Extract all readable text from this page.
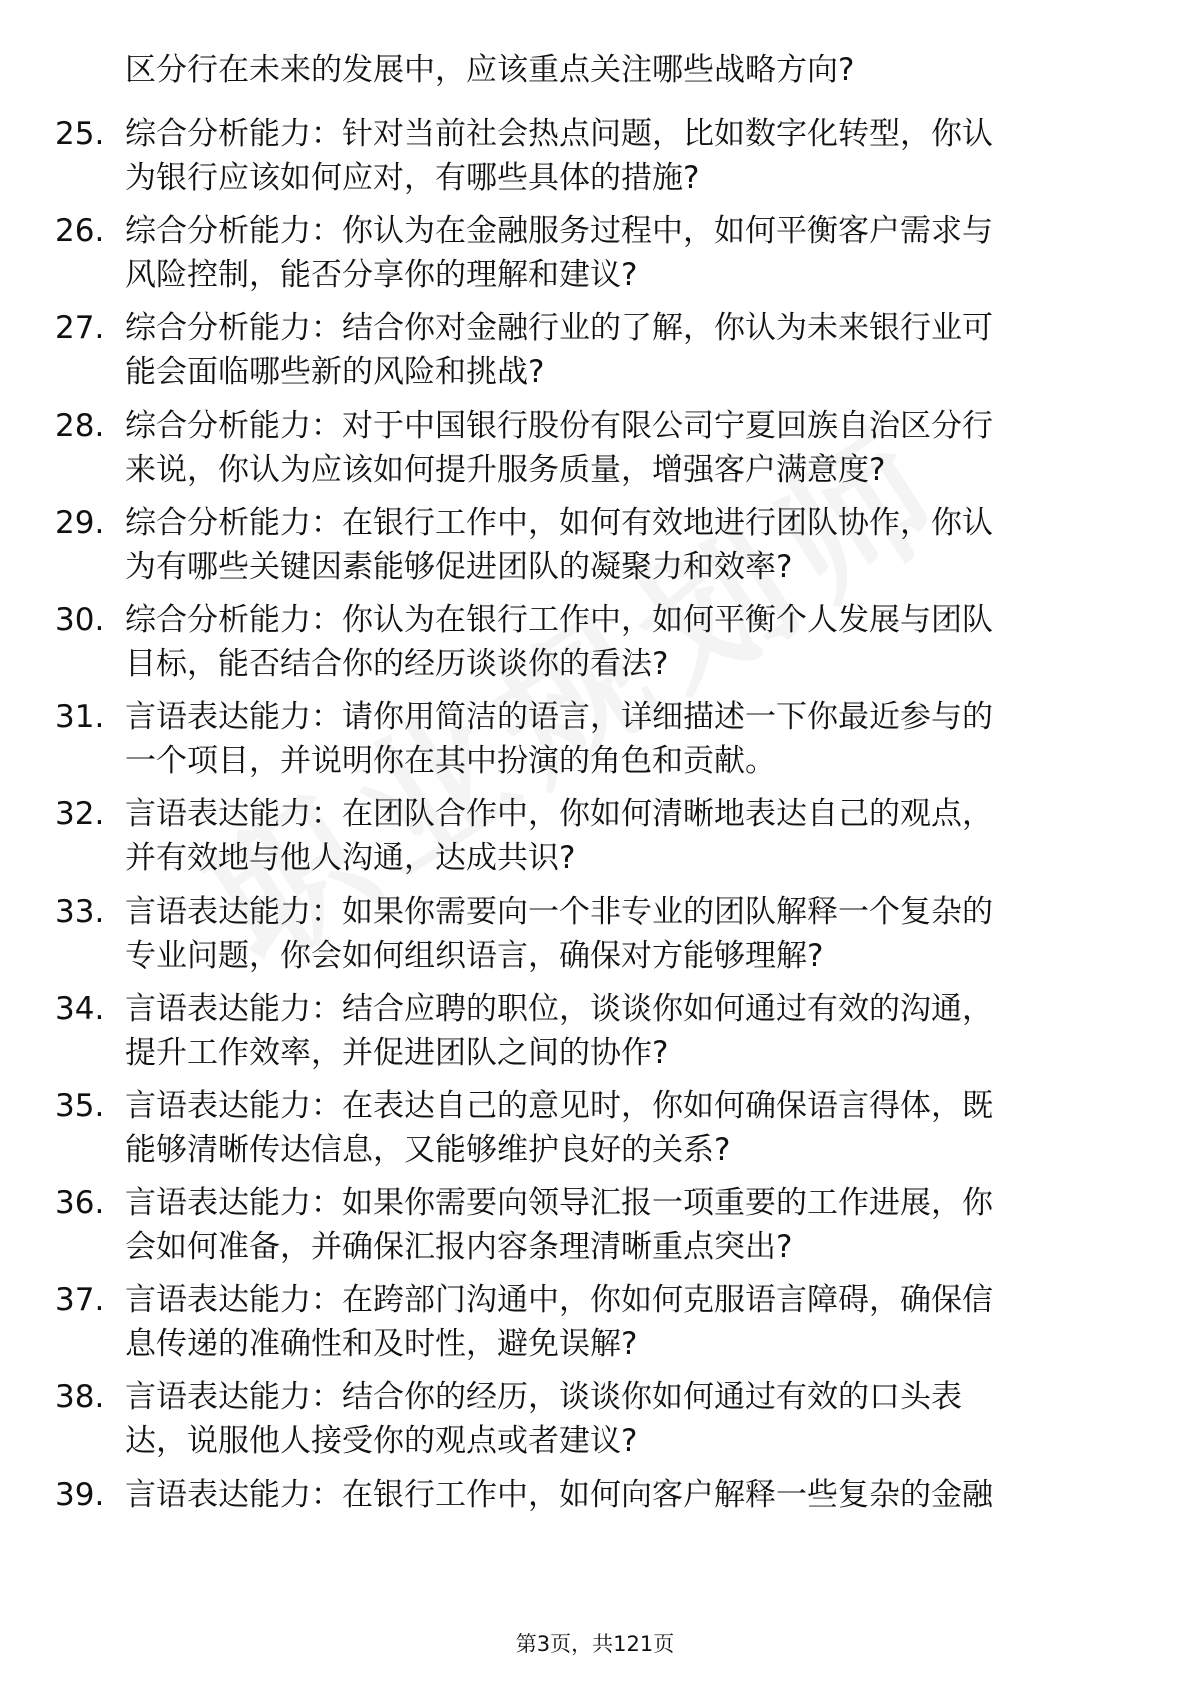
区分行在未来的发展中，应该重点关注哪些战略方向?
25. 综合分析能力：针对当前社会热点问题，比如数字化转型，你认
为银行应该如何应对，有哪些具体的措施?
26. 综合分析能力：你认为在金融服务过程中，如何平衡客户需求与
风险控制，能否分享你的理解和建议?
27. 综合分析能力：结合你对金融行业的了解，你认为未来银行业可
能会面临哪些新的风险和挑战?
28. 综合分析能力：对于中国银行股份有限公司宁夏回族自治区分行
来说，你认为应该如何提升服务质量，增强客户满意度?
29. 综合分析能力：在银行工作中，如何有效地进行团队协作，你认
为有哪些关键因素能够促进团队的凝聚力和效率?
30. 综合分析能力：你认为在银行工作中，如何平衡个人发展与团队
目标，能否结合你的经历谈谈你的看法?
31. 言语表达能力：请你用简洁的语言，详细描述一下你最近参与的
一个项目，并说明你在其中扮演的角色和贡献。
32. 言语表达能力：在团队合作中，你如何清晰地表达自己的观点，
并有效地与他人沟通，达成共识?
33. 言语表达能力：如果你需要向一个非专业的团队解释一个复杂的
专业问题，你会如何组织语言，确保对方能够理解?
34. 言语表达能力：结合应聘的职位，谈谈你如何通过有效的沟通，
提升工作效率，并促进团队之间的协作?
35. 言语表达能力：在表达自己的意见时，你如何确保语言得体，既
能够清晰传达信息，又能够维护良好的关系?
36. 言语表达能力：如果你需要向领导汇报一项重要的工作进展，你
会如何准备，并确保汇报内容条理清晰重点突出?
37. 言语表达能力：在跨部门沟通中，你如何克服语言障碍，确保信
息传递的准确性和及时性，避免误解?
38. 言语表达能力：结合你的经历，谈谈你如何通过有效的口头表
达，说服他人接受你的观点或者建议?
39. 言语表达能力：在银行工作中，如何向客户解释一些复杂的金融
第3页，共121页
